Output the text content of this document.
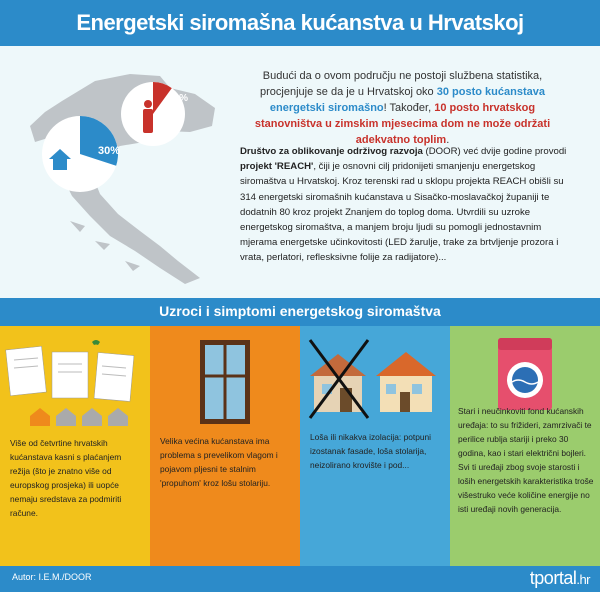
Energetski siromašna kućanstva u Hrvatskoj
30%
10%
Budući da o ovom području ne postoji službena statistika, procjenjuje se da je u Hrvatskoj oko 30 posto kućanstava energetski siromašno! Također, 10 posto hrvatskog stanovništva u zimskim mjesecima dom ne može održati adekvatno toplim.
Društvo za oblikovanje održivog razvoja (DOOR) već dvije godine provodi projekt 'REACH', čiji je osnovni cilj pridonijeti smanjenju energetskog siromaštva u Hrvatskoj. Kroz terenski rad u sklopu projekta REACH obišli su 314 energetski siromašnih kućanstava u Sisačko-moslavačkoj županiji te dodatnih 80 kroz projekt Znanjem do toplog doma. Utvrdili su uzroke energetskog siromaštva, a manjem broju ljudi su pomogli jednostavnim mjerama energetske učinkovitosti (LED žarulje, trake za brtvljenje prozora i vrata, perlatori, reflesksivne folije za radijatore)...
Uzroci i simptomi energetskog siromaštva
Više od četvrtine hrvatskih kućanstava kasni s plaćanjem režija (što je znatno više od europskog prosjeka) ili uopće nemaju sredstava za podmiriti račune.
Velika većina kućanstava ima problema s prevelikom vlagom i pojavom pljesni te stalnim 'propuhom' kroz lošu stolariju.
Loša ili nikakva izolacija: potpuni izostanak fasade, loša stolarija, neizolirano krovište i pod...
Stari i neučinkoviti fond kućanskih uređaja: to su frižideri, zamrzivači te perilice rublja stariji i preko 30 godina, kao i stari električni bojleri. Svi ti uređaji zbog svoje starosti i loših energetskih karakteristika troše višestruko veće količine energije no isti uređaji novih generacija.
Autor: I.E.M./DOOR	tportal.hr
